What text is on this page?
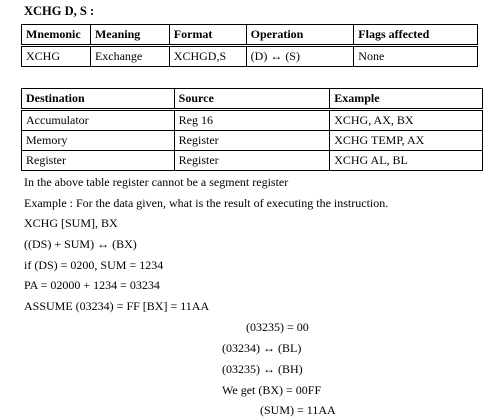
XCHG D, S :
Mnemonic	Meaning	Format	Operation	Flags affected
XCHG	Exchange	XCHGD,S	(D) ↔ (S)	None
Destination	Source	Example
Accumulator	Reg 16	XCHG, AX, BX
Memory	Register	XCHG TEMP, AX
Register	Register	XCHG AL, BL
In the above table register cannot be a segment register
Example : For the data given, what is the result of executing the instruction.
XCHG [SUM], BX
((DS) + SUM) ↔ (BX)
if (DS) = 0200, SUM = 1234
PA = 02000 + 1234 = 03234
ASSUME (03234) = FF [BX] = 11AA
(03235) = 00
(03234) ↔ (BL)
(03235) ↔ (BH)
We get (BX) = 00FF
(SUM) = 11AA
